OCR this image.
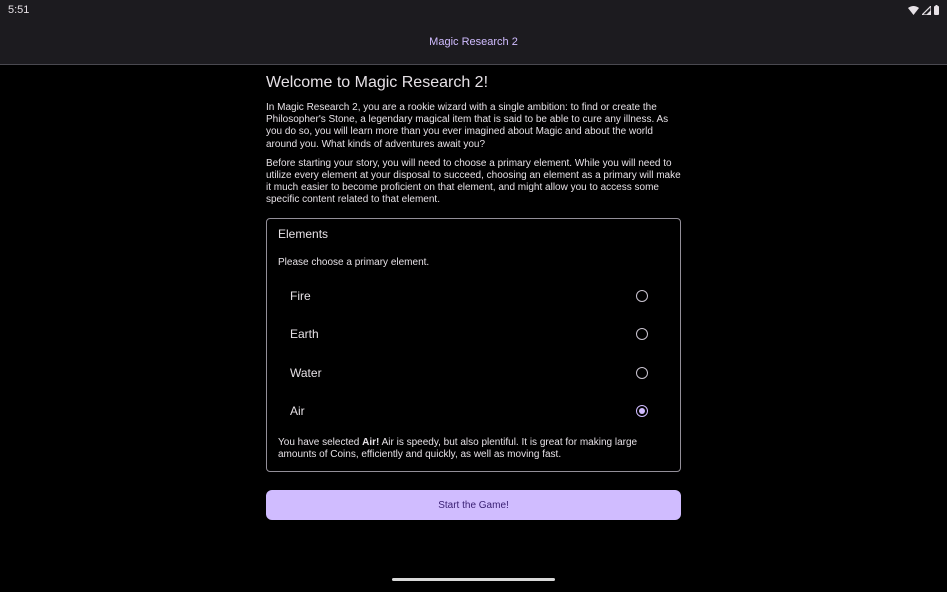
5:51
Magic Research 2
Welcome to Magic Research 2!

In Magic Research 2, you are a rookie wizard with a single ambition: to find or create the Philosopher's Stone, a legendary magical item that is said to be able to cure any illness. As you do so, you will learn more than you ever imagined about Magic and about the world around you. What kinds of adventures await you?

Before starting your story, you will need to choose a primary element. While you will need to utilize every element at your disposal to succeed, choosing an element as a primary will make it much easier to become proficient on that element, and might allow you to access some specific content related to that element.

Elements
Please choose a primary element.
Fire
Earth
Water
Air
You have selected Air! Air is speedy, but also plentiful. It is great for making large amounts of Coins, efficiently and quickly, as well as moving fast.
Start the Game!
